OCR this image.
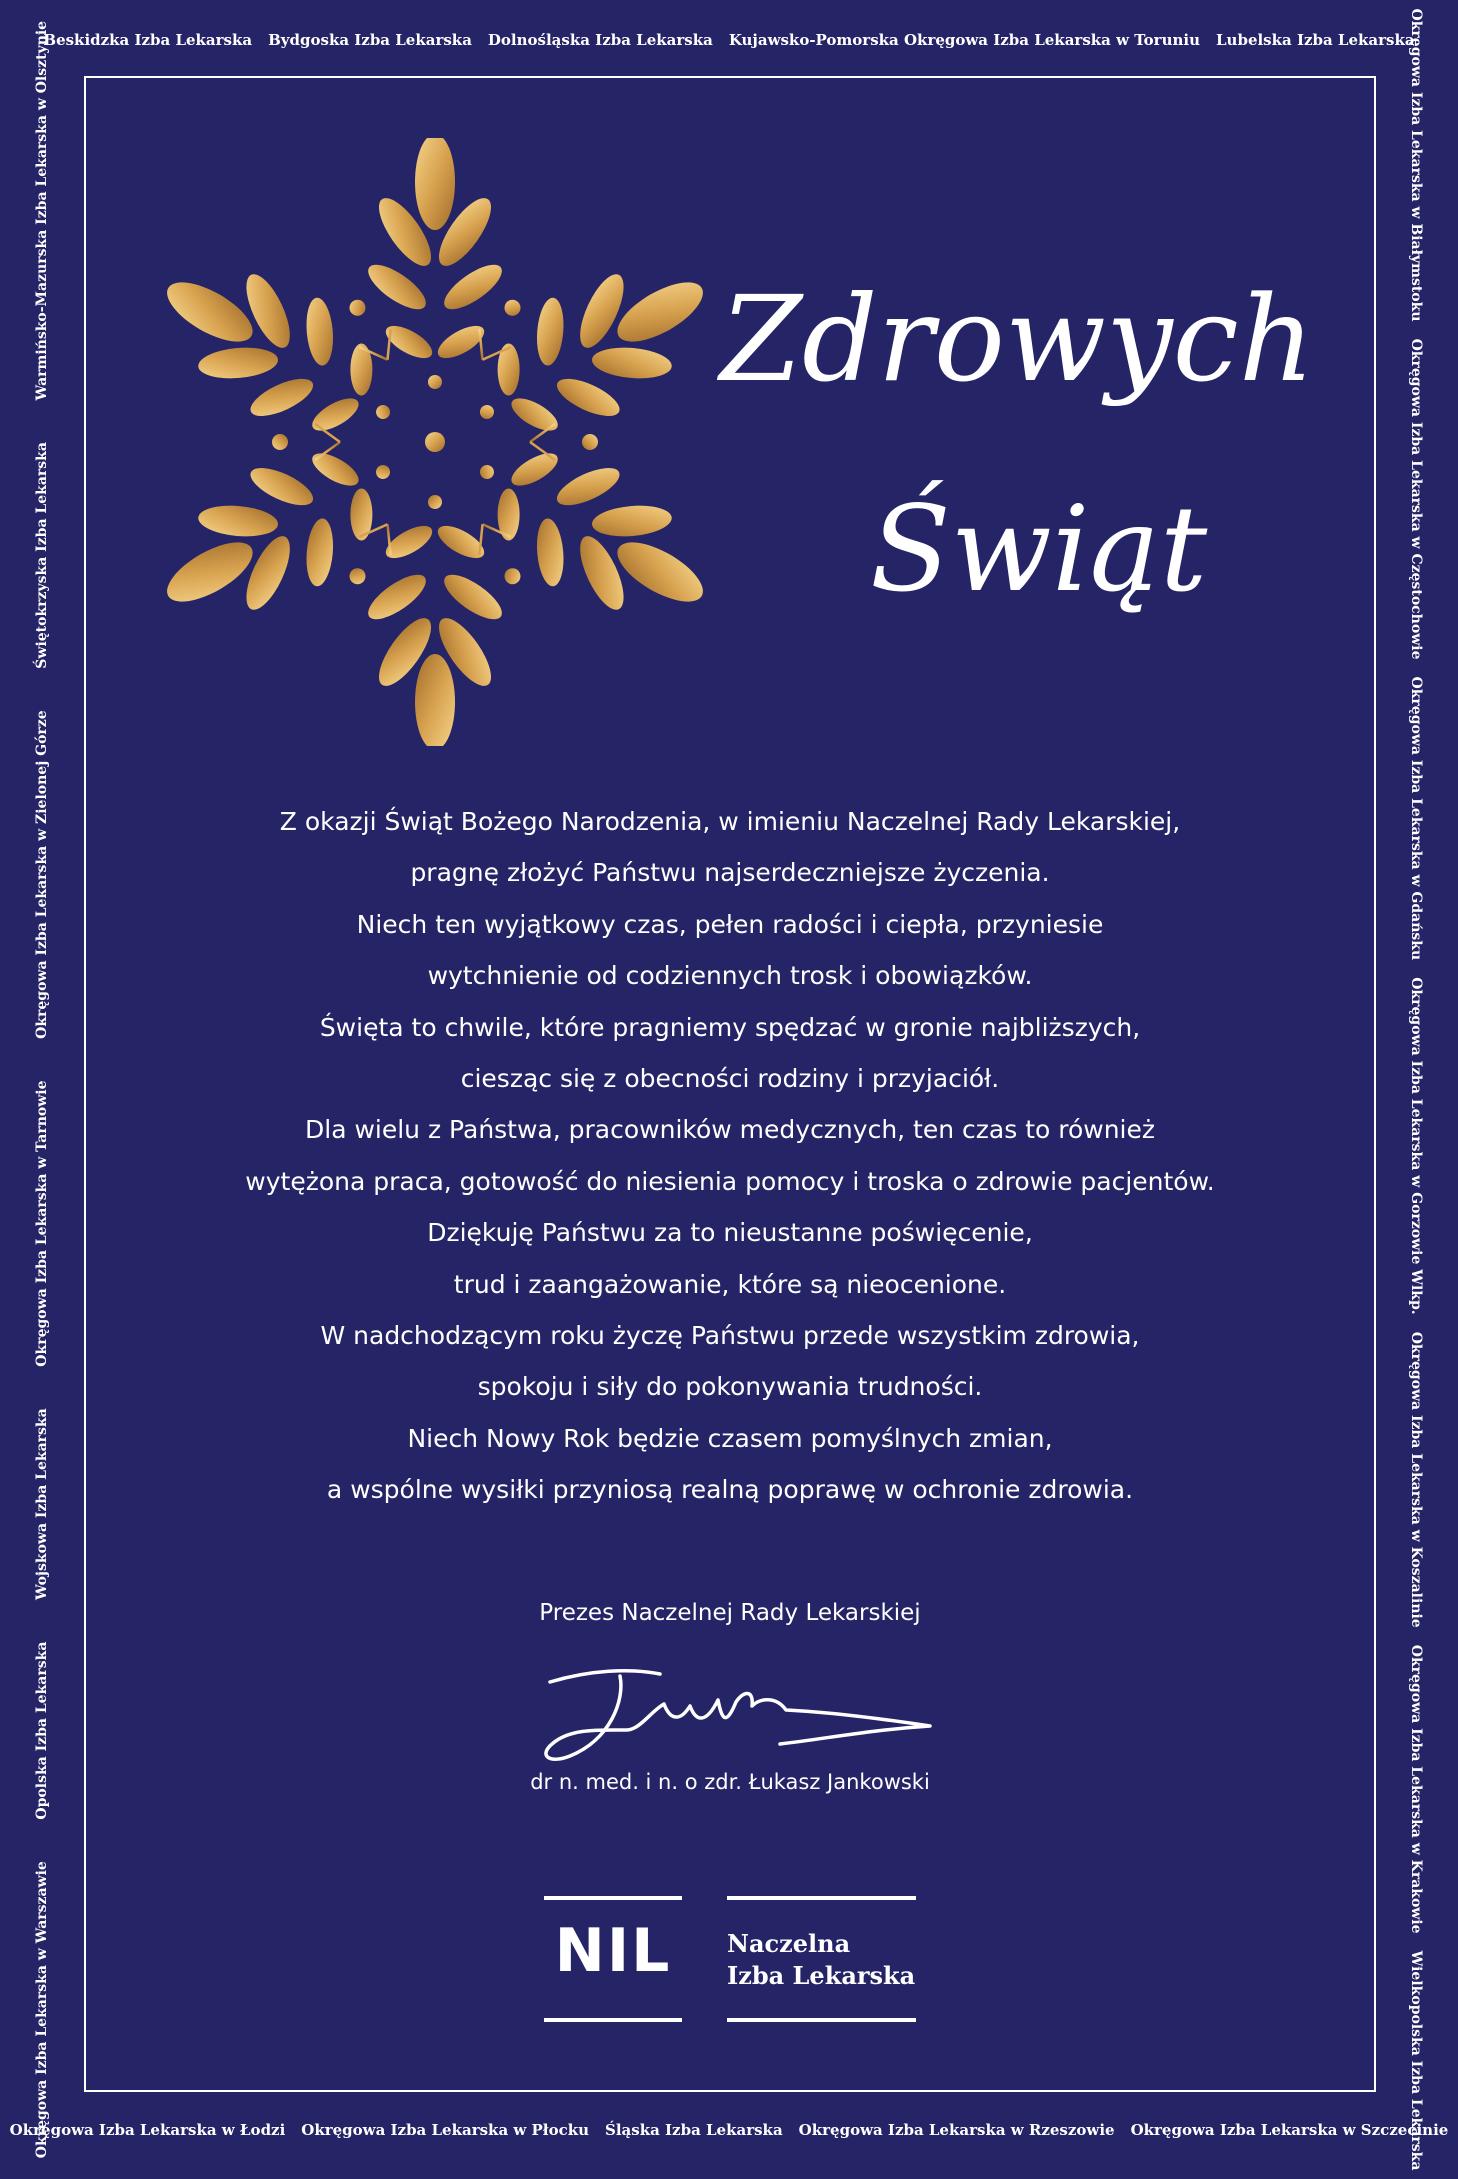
Beskidzka Izba Lekarska Bydgoska Izba Lekarska Dolnośląska Izba Lekarska Kujawsko-Pomorska Okręgowa Izba Lekarska w Toruniu Lubelska Izba Lekarska
Okręgowa Izba Lekarska w Łodzi Okręgowa Izba Lekarska w Płocku Śląska Izba Lekarska Okręgowa Izba Lekarska w Rzeszowie Okręgowa Izba Lekarska w Szczecinie
Okręgowa Izba Lekarska w Warszawie
Opolska Izba Lekarska
Wojskowa Izba Lekarska
Okręgowa Izba Lekarska w Tarnowie
Okręgowa Izba Lekarska w Zielonej Górze
Świętokrzyska Izba Lekarska
Warmińsko-Mazurska Izba Lekarska w Olsztynie	Okręgowa Izba Lekarska w Białymstoku
Okręgowa Izba Lekarska w Częstochowie
Okręgowa Izba Lekarska w Gdańsku
Okręgowa Izba Lekarska w Gorzowie Wlkp.
Okręgowa Izba Lekarska w Koszalinie
Okręgowa Izba Lekarska w Krakowie
Wielkopolska Izba Lekarska
Zdrowych
Świąt
Z okazji Świąt Bożego Narodzenia, w imieniu Naczelnej Rady Lekarskiej,
pragnę złożyć Państwu najserdeczniejsze życzenia.
Niech ten wyjątkowy czas, pełen radości i ciepła, przyniesie
wytchnienie od codziennych trosk i obowiązków.
Święta to chwile, które pragniemy spędzać w gronie najbliższych,
ciesząc się z obecności rodziny i przyjaciół.
Dla wielu z Państwa, pracowników medycznych, ten czas to również
wytężona praca, gotowość do niesienia pomocy i troska o zdrowie pacjentów.
Dziękuję Państwu za to nieustanne poświęcenie,
trud i zaangażowanie, które są nieocenione.
W nadchodzącym roku życzę Państwu przede wszystkim zdrowia,
spokoju i siły do pokonywania trudności.
Niech Nowy Rok będzie czasem pomyślnych zmian,
a wspólne wysiłki przyniosą realną poprawę w ochronie zdrowia.
Prezes Naczelnej Rady Lekarskiej
dr n. med. i n. o zdr. Łukasz Jankowski
NIL	Naczelna
Izba Lekarska
